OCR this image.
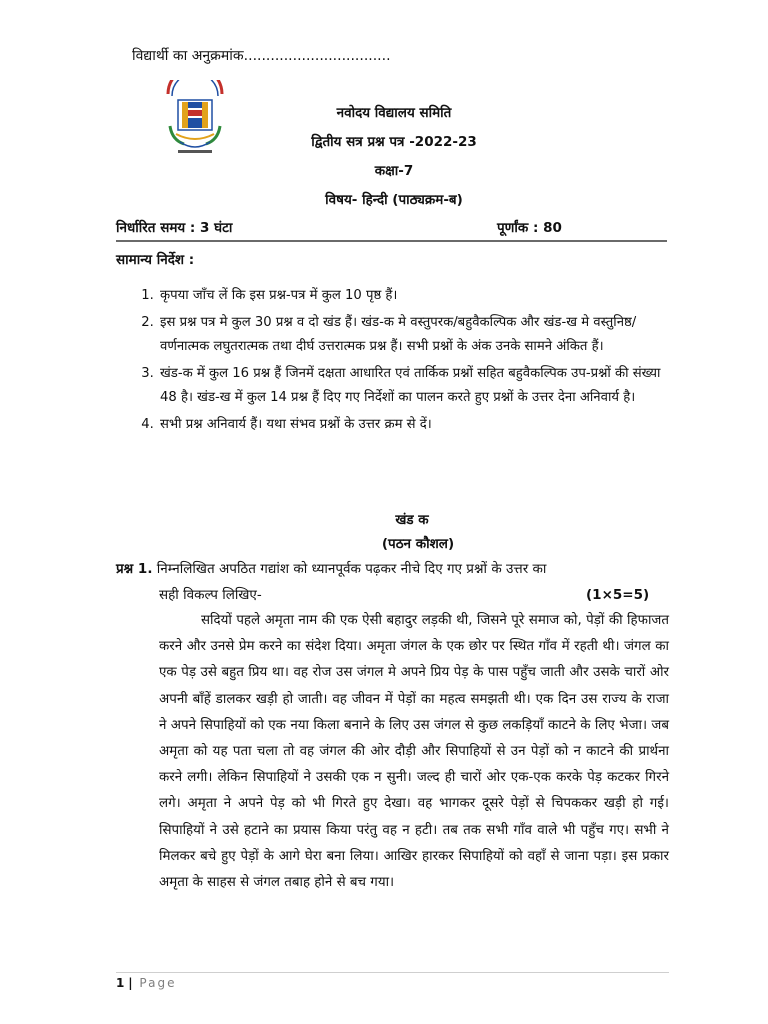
विद्यार्थी का अनुक्रमांक.................................
नवोदय विद्यालय समिति
द्वितीय सत्र प्रश्न पत्र -2022-23
कक्षा-7
विषय- हिन्दी (पाठ्यक्रम-ब)
निर्धारित समय : 3 घंटा	पूर्णांक : 80
सामान्य निर्देश :
1. कृपया जाँच लें कि इस प्रश्न-पत्र में कुल 10 पृष्ठ हैं।
2. इस प्रश्न पत्र मे कुल 30 प्रश्न व दो खंड हैं। खंड-क मे वस्तुपरक/बहुवैकल्पिक और खंड-ख मे वस्तुनिष्ठ/वर्णनात्मक लघुतरात्मक तथा दीर्घ उत्तरात्मक प्रश्न हैं। सभी प्रश्नों के अंक उनके सामने अंकित हैं।
3. खंड-क में कुल 16 प्रश्न हैं जिनमें दक्षता आधारित एवं तार्किक प्रश्नों सहित बहुवैकल्पिक उप-प्रश्नों की संख्या 48 है। खंड-ख में कुल 14 प्रश्न हैं दिए गए निर्देशों का पालन करते हुए प्रश्नों के उत्तर देना अनिवार्य है।
4. सभी प्रश्न अनिवार्य हैं। यथा संभव प्रश्नों के उत्तर क्रम से दें।
खंड क
(पठन कौशल)
प्रश्न 1. निम्नलिखित अपठित गद्यांश को ध्यानपूर्वक पढ़कर नीचे दिए गए प्रश्नों के उत्तर का
सही विकल्प लिखिए-	(1×5=5)
सदियों पहले अमृता नाम की एक ऐसी बहादुर लड़की थी, जिसने पूरे समाज को, पेड़ों की हिफाजत करने और उनसे प्रेम करने का संदेश दिया। अमृता जंगल के एक छोर पर स्थित गाँव में रहती थी। जंगल का एक पेड़ उसे बहुत प्रिय था। वह रोज उस जंगल मे अपने प्रिय पेड़ के पास पहुँच जाती और उसके चारों ओर अपनी बाँहें डालकर खड़ी हो जाती। वह जीवन में पेड़ों का महत्व समझती थी। एक दिन उस राज्य के राजा ने अपने सिपाहियों को एक नया किला बनाने के लिए उस जंगल से कुछ लकड़ियाँ काटने के लिए भेजा। जब अमृता को यह पता चला तो वह जंगल की ओर दौड़ी और सिपाहियों से उन पेड़ों को न काटने की प्रार्थना करने लगी। लेकिन सिपाहियों ने उसकी एक न सुनी। जल्द ही चारों ओर एक-एक करके पेड़ कटकर गिरने लगे। अमृता ने अपने पेड़ को भी गिरते हुए देखा। वह भागकर दूसरे पेड़ों से चिपककर खड़ी हो गई। सिपाहियों ने उसे हटाने का प्रयास किया परंतु वह न हटी। तब तक सभी गाँव वाले भी पहुँच गए। सभी ने मिलकर बचे हुए पेड़ों के आगे घेरा बना लिया। आखिर हारकर सिपाहियों को वहाँ से जाना पड़ा। इस प्रकार अमृता के साहस से जंगल तबाह होने से बच गया।
1 | Page
